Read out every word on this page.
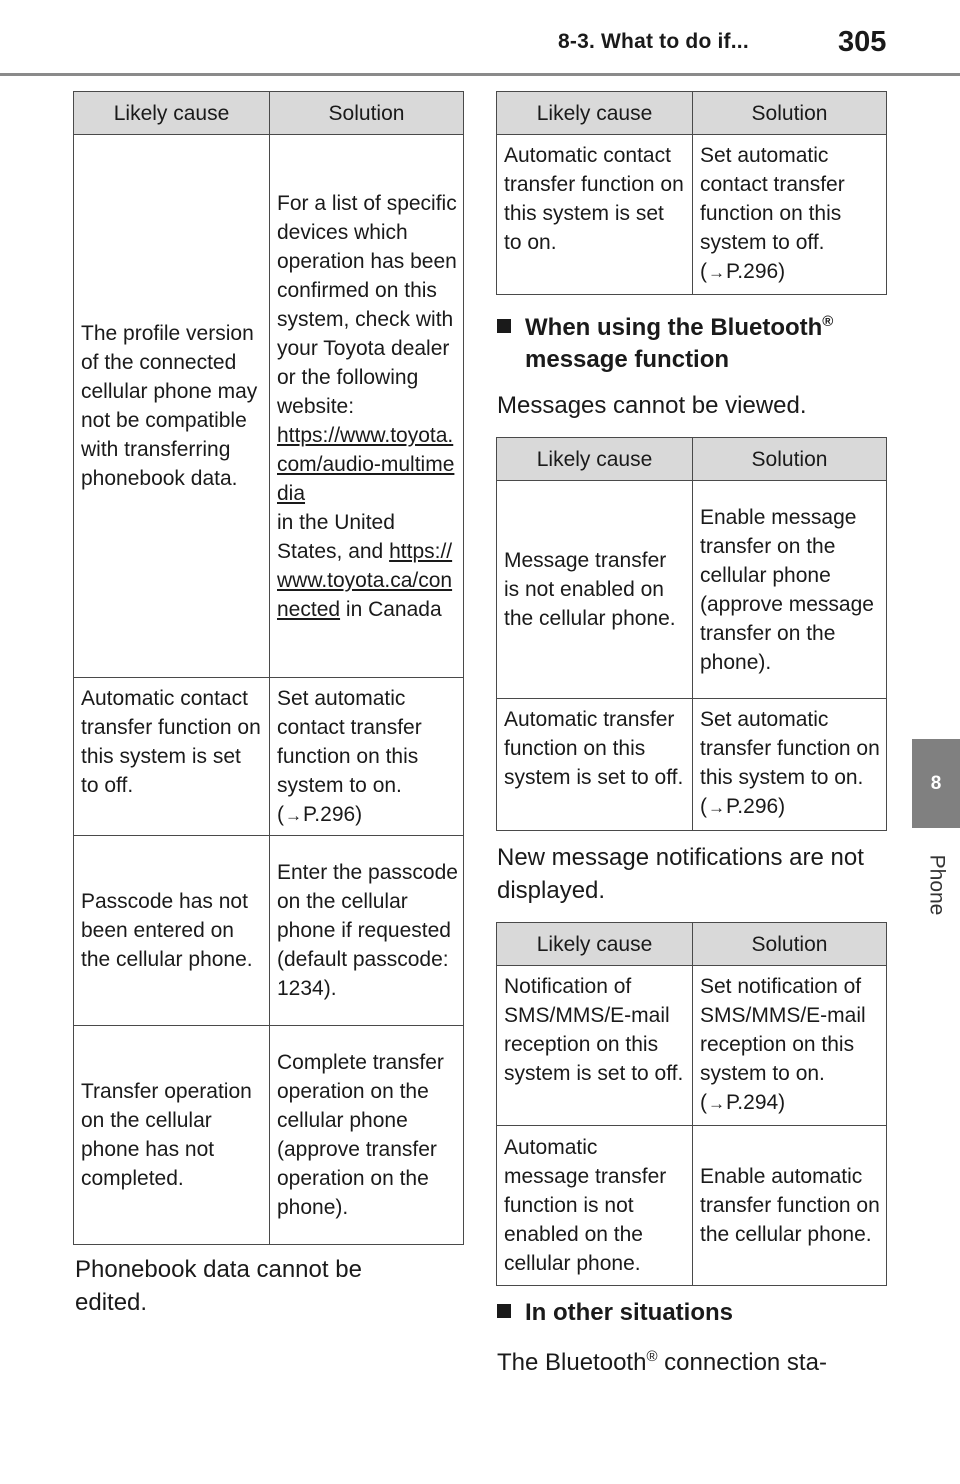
8-3. What to do if...	305
8
Phone
Likely cause	Solution
The profile version of the connected cellular phone may not be compatible with transferring phonebook data.	For a list of specific devices which operation has been confirmed on this system, check with your Toyota dealer or the following website:
https://www.toyota.com/audio-multimedia
in the United States, and https://www.toyota.ca/connected in Canada
Automatic contact transfer function on this system is set to off.	Set automatic contact transfer function on this system to on. (→P.296)
Passcode has not been entered on the cellular phone.	Enter the passcode on the cellular phone if requested (default passcode: 1234).
Transfer operation on the cellular phone has not completed.	Complete transfer operation on the cellular phone (approve transfer operation on the phone).
Phonebook data cannot be edited.
Likely cause	Solution
Automatic contact transfer function on this system is set to on.	Set automatic contact transfer function on this system to off. (→P.296)
When using the Bluetooth®
message function
Messages cannot be viewed.
Likely cause	Solution
Message transfer is not enabled on the cellular phone.	Enable message transfer on the cellular phone (approve message transfer on the phone).
Automatic transfer function on this system is set to off.	Set automatic transfer function on this system to on. (→P.296)
New message notifications are not displayed.
Likely cause	Solution
Notification of SMS/MMS/E-mail reception on this system is set to off.	Set notification of SMS/MMS/E-mail reception on this system to on. (→P.294)
Automatic message transfer function is not enabled on the cellular phone.	Enable automatic transfer function on the cellular phone.
In other situations
The Bluetooth® connection sta-
